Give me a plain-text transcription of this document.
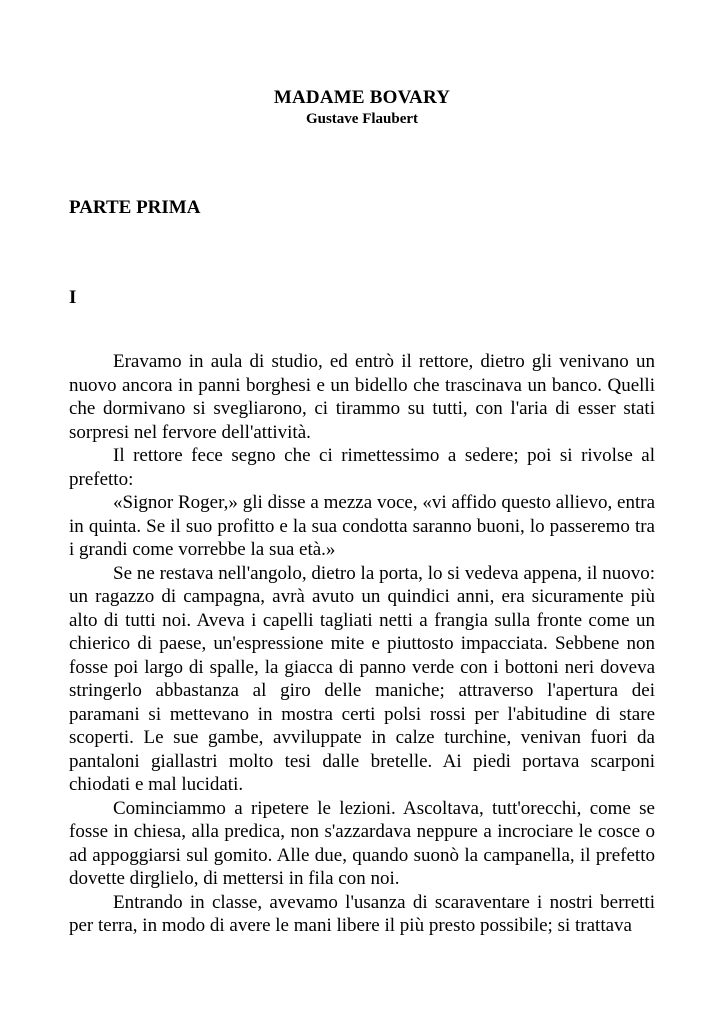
MADAME BOVARY
Gustave Flaubert
PARTE PRIMA
I

Eravamo in aula di studio, ed entrò il rettore, dietro gli venivano un nuovo ancora in panni borghesi e un bidello che trascinava un banco. Quelli che dormivano si svegliarono, ci tirammo su tutti, con l'aria di esser stati sorpresi nel fervore dell'attività.

Il rettore fece segno che ci rimettessimo a sedere; poi si rivolse al prefetto:

«Signor Roger,» gli disse a mezza voce, «vi affido questo allievo, entra in quinta. Se il suo profitto e la sua condotta saranno buoni, lo passeremo tra i grandi come vorrebbe la sua età.»

Se ne restava nell'angolo, dietro la porta, lo si vedeva appena, il nuovo: un ragazzo di campagna, avrà avuto un quindici anni, era sicuramente più alto di tutti noi. Aveva i capelli tagliati netti a frangia sulla fronte come un chierico di paese, un'espressione mite e piuttosto impacciata. Sebbene non fosse poi largo di spalle, la giacca di panno verde con i bottoni neri doveva stringerlo abbastanza al giro delle maniche; attraverso l'apertura dei paramani si mettevano in mostra certi polsi rossi per l'abitudine di stare scoperti. Le sue gambe, avviluppate in calze turchine, venivan fuori da pantaloni giallastri molto tesi dalle bretelle. Ai piedi portava scarponi chiodati e mal lucidati.

Cominciammo a ripetere le lezioni. Ascoltava, tutt'orecchi, come se fosse in chiesa, alla predica, non s'azzardava neppure a incrociare le cosce o ad appoggiarsi sul gomito. Alle due, quando suonò la campanella, il prefetto dovette dirglielo, di mettersi in fila con noi.

Entrando in classe, avevamo l'usanza di scaraventare i nostri berretti per terra, in modo di avere le mani libere il più presto possibile; si trattava
